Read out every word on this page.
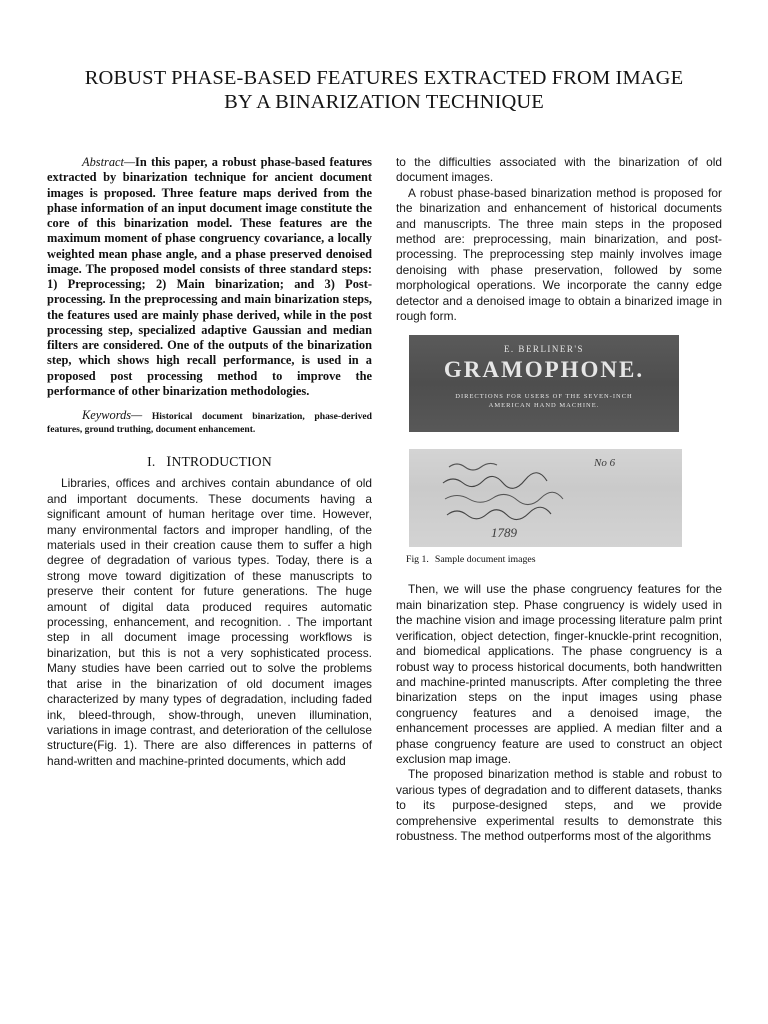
ROBUST PHASE-BASED FEATURES EXTRACTED FROM IMAGE
BY A BINARIZATION TECHNIQUE

Abstract—In this paper, a robust phase-based features extracted by binarization technique for ancient document images is proposed. Three feature maps derived from the phase information of an input document image constitute the core of this binarization model. These features are the maximum moment of phase congruency covariance, a locally weighted mean phase angle, and a phase preserved denoised image. The proposed model consists of three standard steps: 1) Preprocessing; 2) Main binarization; and 3) Post-processing. In the preprocessing and main binarization steps, the features used are mainly phase derived, while in the post processing step, specialized adaptive Gaussian and median filters are considered. One of the outputs of the binarization step, which shows high recall performance, is used in a proposed post processing method to improve the performance of other binarization methodologies.

Keywords— Historical document binarization, phase-derived features, ground truthing, document enhancement.

I. INTRODUCTION

Libraries, offices and archives contain abundance of old and important documents. These documents having a significant amount of human heritage over time. However, many environmental factors and improper handling, of the materials used in their creation cause them to suffer a high degree of degradation of various types. Today, there is a strong move toward digitization of these manuscripts to preserve their content for future generations. The huge amount of digital data produced requires automatic processing, enhancement, and recognition. . The important step in all document image processing workflows is binarization, but this is not a very sophisticated process. Many studies have been carried out to solve the problems that arise in the binarization of old document images characterized by many types of degradation, including faded ink, bleed-through, show-through, uneven illumination, variations in image contrast, and deterioration of the cellulose structure(Fig. 1). There are also differences in patterns of hand-written and machine-printed documents, which add

to the difficulties associated with the binarization of old document images.

A robust phase-based binarization method is proposed for the binarization and enhancement of historical documents and manuscripts. The three main steps in the proposed method are: preprocessing, main binarization, and post-processing. The preprocessing step mainly involves image denoising with phase preservation, followed by some morphological operations. We incorporate the canny edge detector and a denoised image to obtain a binarized image in rough form.

E. BERLINER'S
GRAMOPHONE.
DIRECTIONS FOR USERS OF THE SEVEN-INCH
AMERICAN HAND MACHINE.
No 6
1789
Fig 1. Sample document images

Then, we will use the phase congruency features for the main binarization step. Phase congruency is widely used in the machine vision and image processing literature palm print verification, object detection, finger-knuckle-print recognition, and biomedical applications. The phase congruency is a robust way to process historical documents, both handwritten and machine-printed manuscripts. After completing the three binarization steps on the input images using phase congruency features and a denoised image, the enhancement processes are applied. A median filter and a phase congruency feature are used to construct an object exclusion map image.

The proposed binarization method is stable and robust to various types of degradation and to different datasets, thanks to its purpose-designed steps, and we provide comprehensive experimental results to demonstrate this robustness. The method outperforms most of the algorithms
